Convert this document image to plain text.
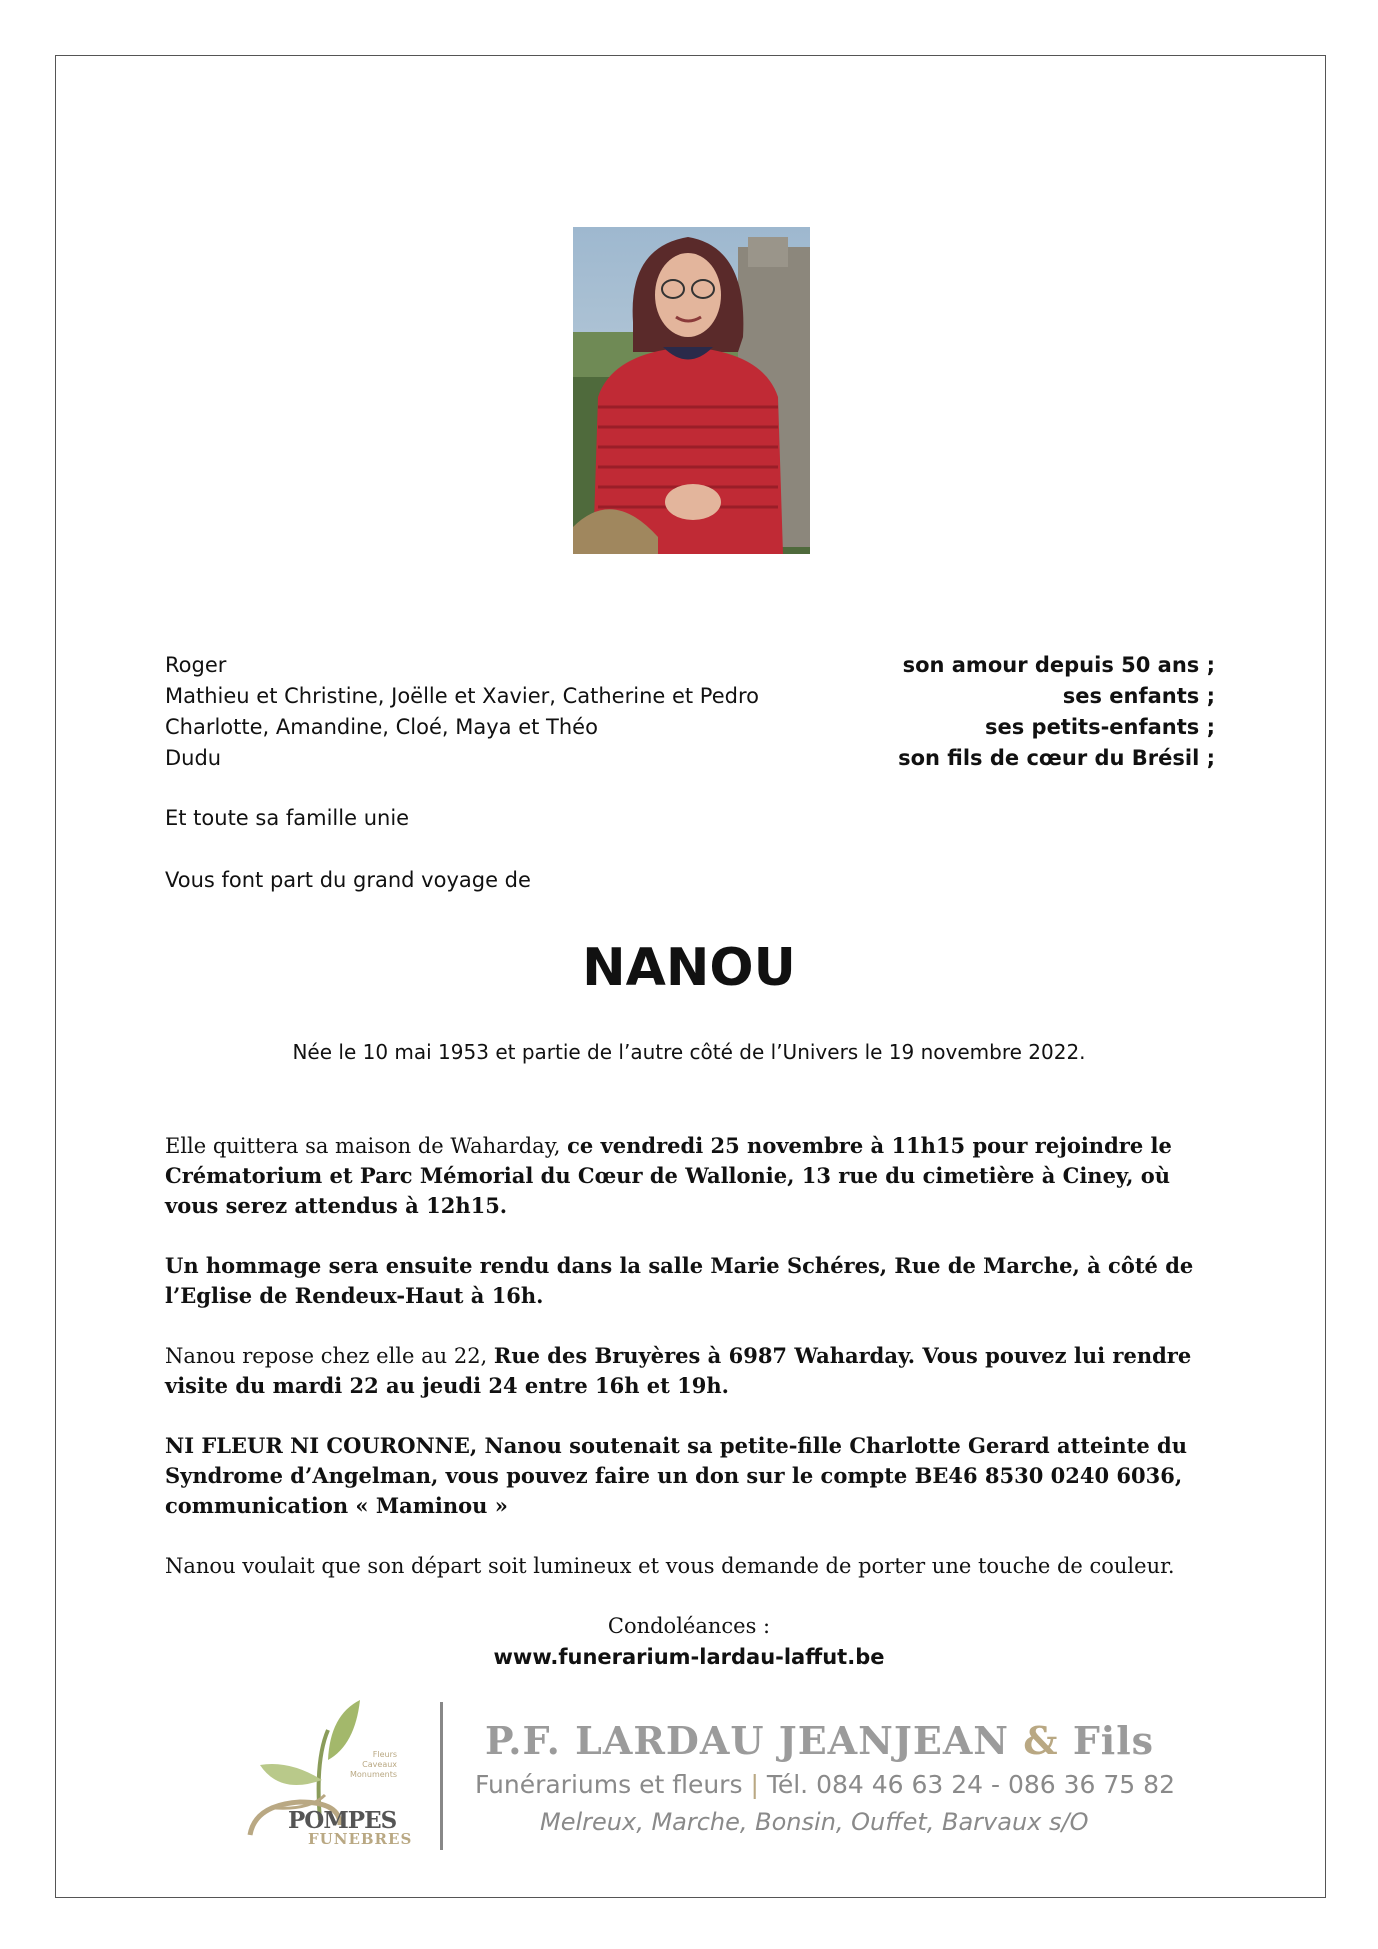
Roger	son amour depuis 50 ans ;
Mathieu et Christine, Joëlle et Xavier, Catherine et Pedro	ses enfants ;
Charlotte, Amandine, Cloé, Maya et Théo	ses petits-enfants ;
Dudu	son fils de cœur du Brésil ;
Et toute sa famille unie
Vous font part du grand voyage de
NANOU
Née le 10 mai 1953 et partie de l’autre côté de l’Univers le 19 novembre 2022.

Elle quittera sa maison de Waharday, ce vendredi 25 novembre à 11h15 pour rejoindre le Crématorium et Parc Mémorial du Cœur de Wallonie, 13 rue du cimetière à Ciney, où vous serez attendus à 12h15.

Un hommage sera ensuite rendu dans la salle Marie Schéres, Rue de Marche, à côté de l’Eglise de Rendeux-Haut à 16h.

Nanou repose chez elle au 22, Rue des Bruyères à 6987 Waharday. Vous pouvez lui rendre visite du mardi 22 au jeudi 24 entre 16h et 19h.

NI FLEUR NI COURONNE, Nanou soutenait sa petite-fille Charlotte Gerard atteinte du Syndrome d’Angelman, vous pouvez faire un don sur le compte BE46 8530 0240 6036, communication « Maminou »

Nanou voulait que son départ soit lumineux et vous demande de porter une touche de couleur.

Condoléances :
www.funerarium-lardau-laffut.be
Fleurs
Caveaux
Monuments
POMPES
FUNEBRES
P.F. LARDAU JEANJEAN & Fils
Funérariums et fleurs | Tél. 084 46 63 24 - 086 36 75 82
Melreux, Marche, Bonsin, Ouffet, Barvaux s/O
